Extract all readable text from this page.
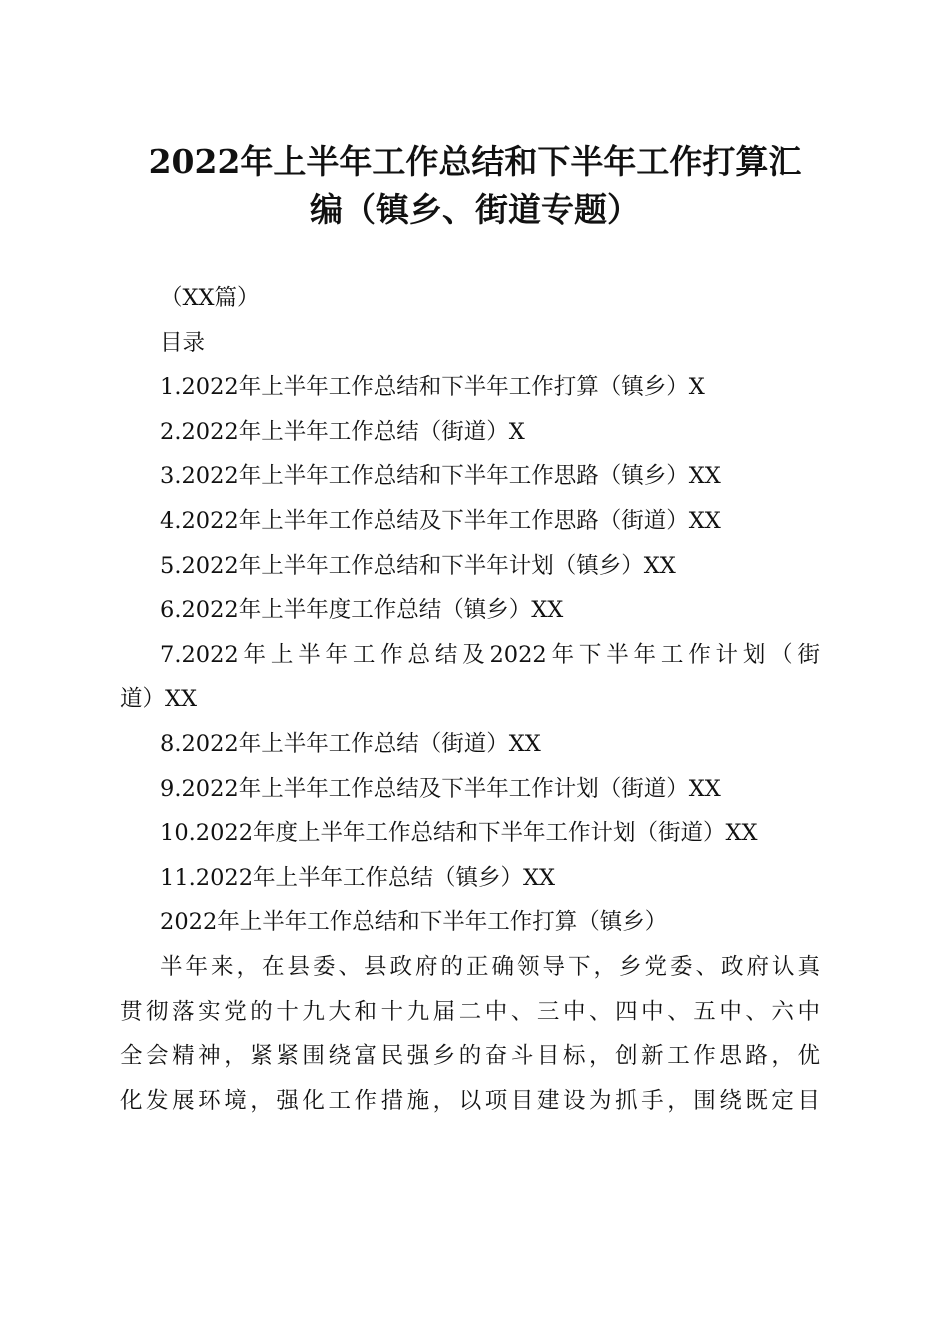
2022年上半年工作总结和下半年工作打算汇
编（镇乡、街道专题）
（XX篇）
目录
1.2022年上半年工作总结和下半年工作打算（镇乡）X
2.2022年上半年工作总结（街道）X
3.2022年上半年工作总结和下半年工作思路（镇乡）XX
4.2022年上半年工作总结及下半年工作思路（街道）XX
5.2022年上半年工作总结和下半年计划（镇乡）XX
6.2022年上半年度工作总结（镇乡）XX
7.2022年上半年工作总结及2022年下半年工作计划（街
道）XX
8.2022年上半年工作总结（街道）XX
9.2022年上半年工作总结及下半年工作计划（街道）XX
10.2022年度上半年工作总结和下半年工作计划（街道）XX
11.2022年上半年工作总结（镇乡）XX
2022年上半年工作总结和下半年工作打算（镇乡）
半年来，在县委、县政府的正确领导下，乡党委、政府认真
贯彻落实党的十九大和十九届二中、三中、四中、五中、六中
全会精神，紧紧围绕富民强乡的奋斗目标，创新工作思路，优
化发展环境，强化工作措施，以项目建设为抓手，围绕既定目
